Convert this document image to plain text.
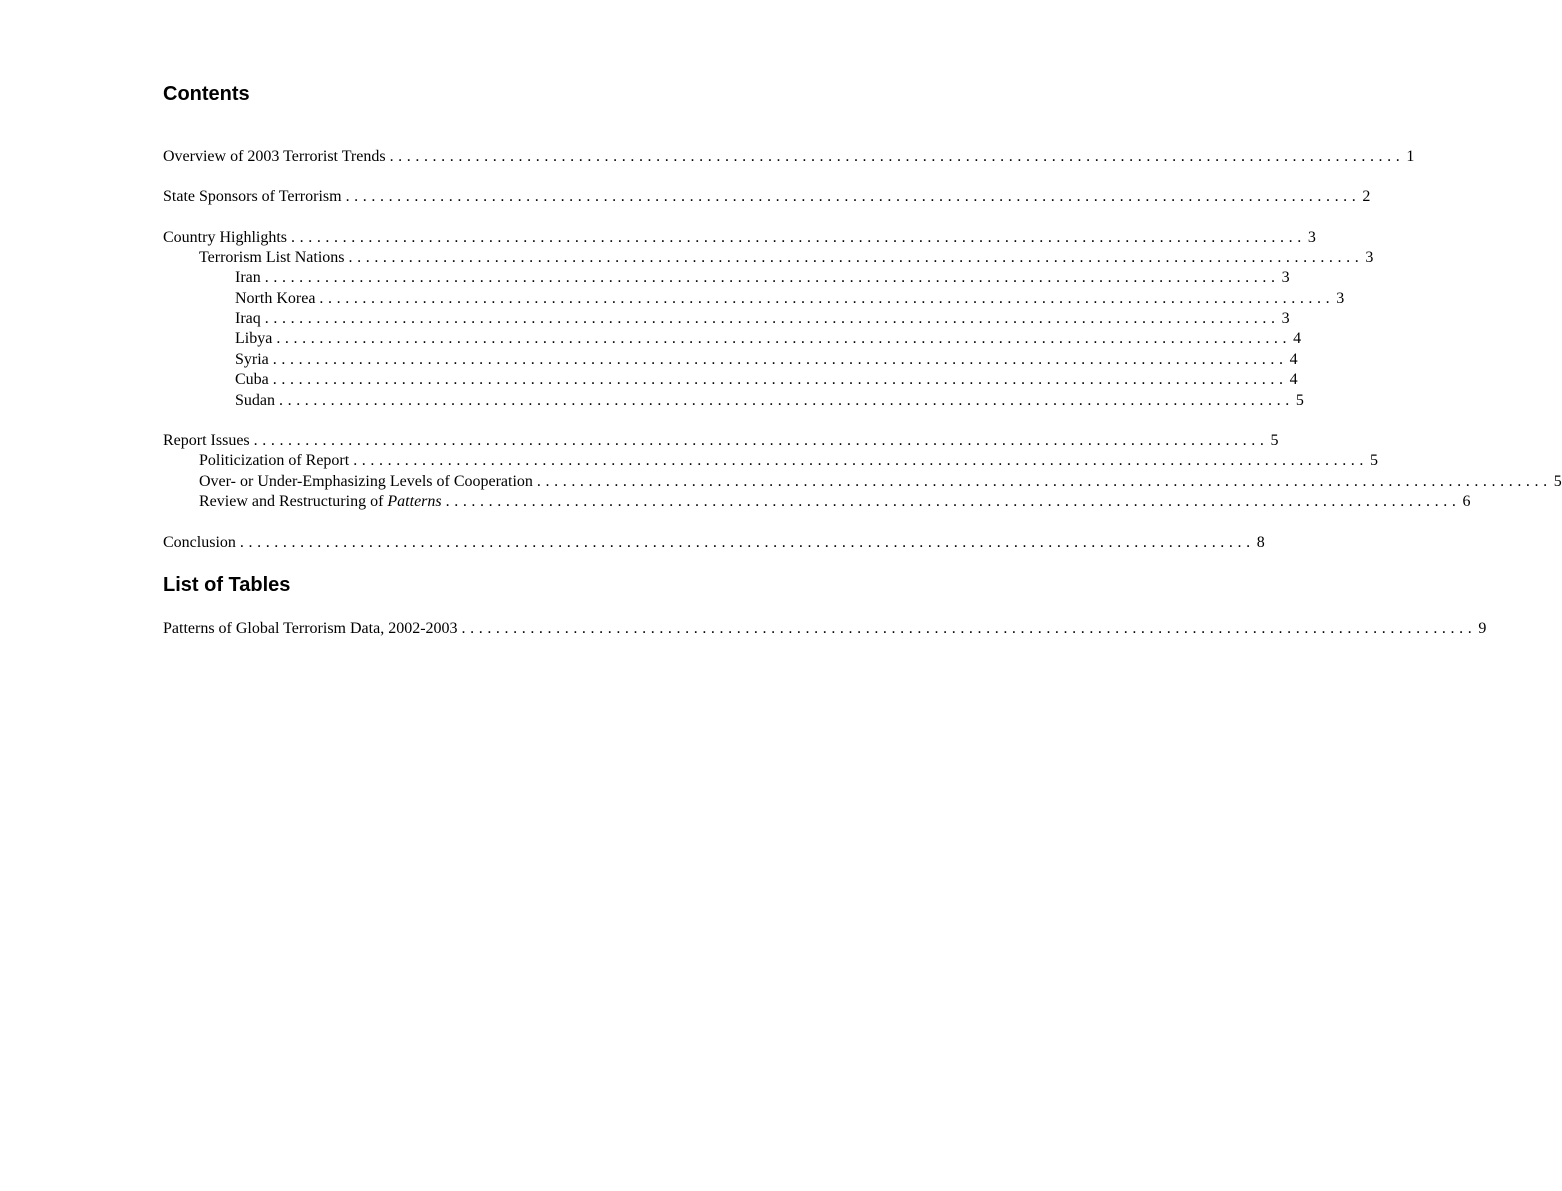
Contents
Overview of 2003 Terrorist Trends ...................................................................................................................... 1
State Sponsors of Terrorism ...................................................................................................................... 2
Country Highlights ...................................................................................................................... 3
Terrorism List Nations ...................................................................................................................... 3
Iran ...................................................................................................................... 3
North Korea ...................................................................................................................... 3
Iraq ...................................................................................................................... 3
Libya ...................................................................................................................... 4
Syria ...................................................................................................................... 4
Cuba ...................................................................................................................... 4
Sudan ...................................................................................................................... 5
Report Issues ...................................................................................................................... 5
Politicization of Report ...................................................................................................................... 5
Over- or Under-Emphasizing Levels of Cooperation ...................................................................................................................... 5
Review and Restructuring of Patterns ...................................................................................................................... 6
Conclusion ...................................................................................................................... 8
List of Tables
Patterns of Global Terrorism Data, 2002-2003 ...................................................................................................................... 9
